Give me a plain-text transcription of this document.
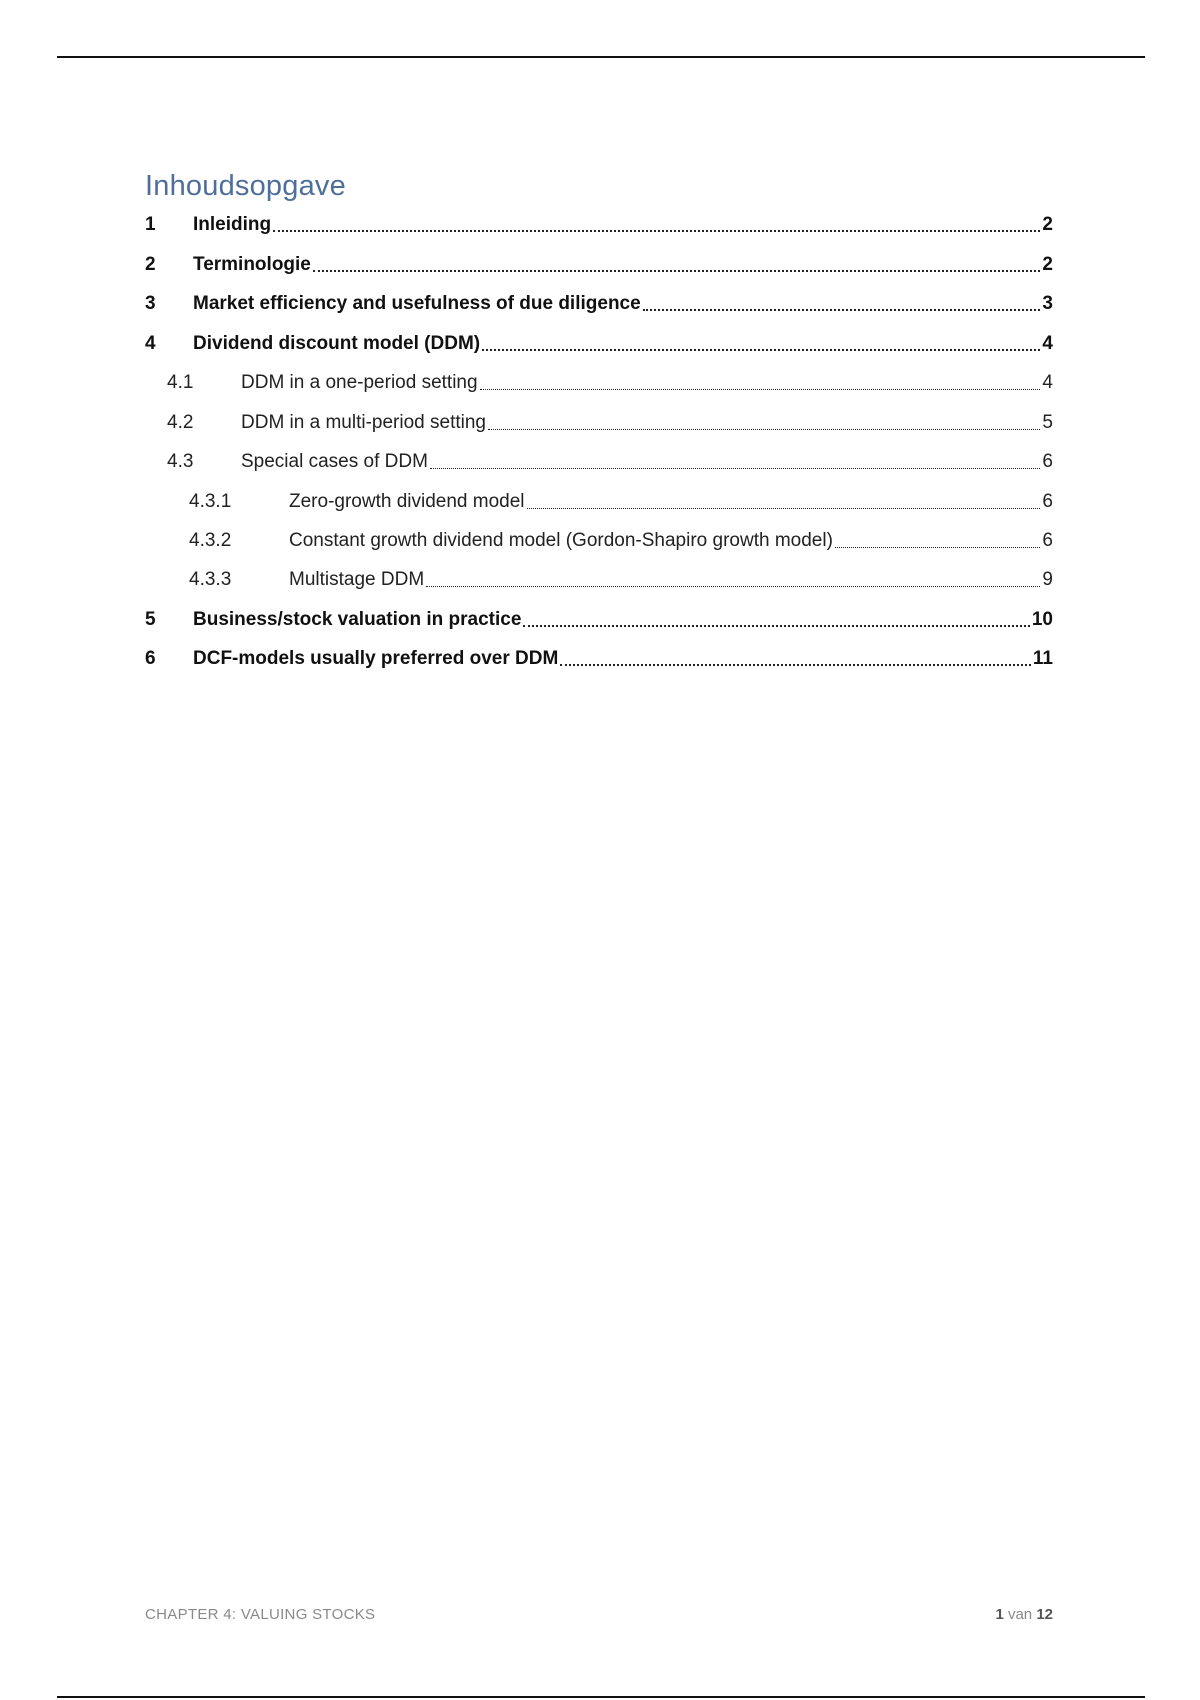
Inhoudsopgave
1	Inleiding	2
2	Terminologie	2
3	Market efficiency and usefulness of due diligence	3
4	Dividend discount model (DDM)	4
4.1	DDM in a one-period setting	4
4.2	DDM in a multi-period setting	5
4.3	Special cases of DDM	6
4.3.1	Zero-growth dividend model	6
4.3.2	Constant growth dividend model (Gordon-Shapiro growth model)	6
4.3.3	Multistage DDM	9
5	Business/stock valuation in practice	10
6	DCF-models usually preferred over DDM	11
CHAPTER 4: VALUING STOCKS	1 van 12
